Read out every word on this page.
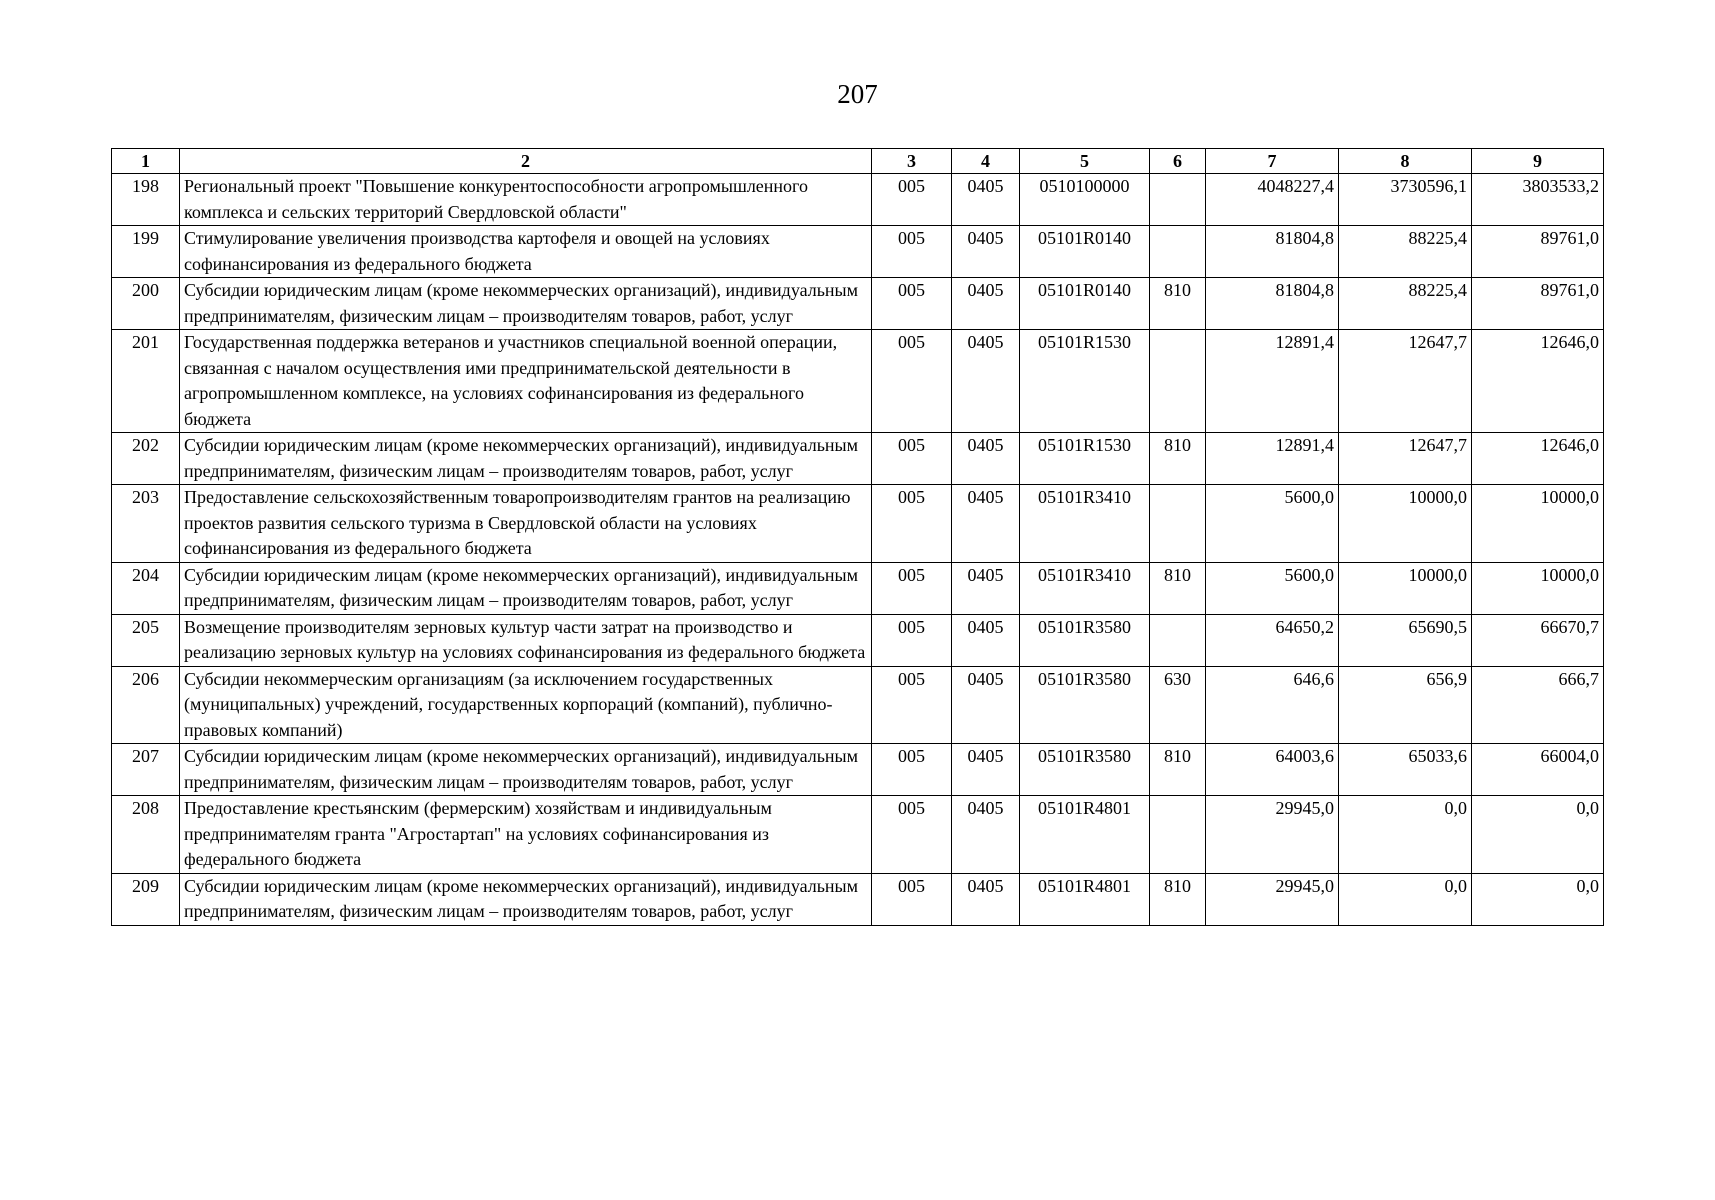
207
1	2	3	4	5	6	7	8	9
198	Региональный проект "Повышение конкурентоспособности агропромышленного комплекса и сельских территорий Свердловской области"	005	0405	0510100000		4048227,4	3730596,1	3803533,2
199	Стимулирование увеличения производства картофеля и овощей на условиях софинансирования из федерального бюджета	005	0405	05101R0140		81804,8	88225,4	89761,0
200	Субсидии юридическим лицам (кроме некоммерческих организаций), индивидуальным предпринимателям, физическим лицам – производителям товаров, работ, услуг	005	0405	05101R0140	810	81804,8	88225,4	89761,0
201	Государственная поддержка ветеранов и участников специальной военной операции, связанная с началом осуществления ими предпринимательской деятельности в агропромышленном комплексе, на условиях софинансирования из федерального бюджета	005	0405	05101R1530		12891,4	12647,7	12646,0
202	Субсидии юридическим лицам (кроме некоммерческих организаций), индивидуальным предпринимателям, физическим лицам – производителям товаров, работ, услуг	005	0405	05101R1530	810	12891,4	12647,7	12646,0
203	Предоставление сельскохозяйственным товаропроизводителям грантов на реализацию проектов развития сельского туризма в Свердловской области на условиях софинансирования из федерального бюджета	005	0405	05101R3410		5600,0	10000,0	10000,0
204	Субсидии юридическим лицам (кроме некоммерческих организаций), индивидуальным предпринимателям, физическим лицам – производителям товаров, работ, услуг	005	0405	05101R3410	810	5600,0	10000,0	10000,0
205	Возмещение производителям зерновых культур части затрат на производство и реализацию зерновых культур на условиях софинансирования из федерального бюджета	005	0405	05101R3580		64650,2	65690,5	66670,7
206	Субсидии некоммерческим организациям (за исключением государственных (муниципальных) учреждений, государственных корпораций (компаний), публично-правовых компаний)	005	0405	05101R3580	630	646,6	656,9	666,7
207	Субсидии юридическим лицам (кроме некоммерческих организаций), индивидуальным предпринимателям, физическим лицам – производителям товаров, работ, услуг	005	0405	05101R3580	810	64003,6	65033,6	66004,0
208	Предоставление крестьянским (фермерским) хозяйствам и индивидуальным предпринимателям гранта "Агростартап" на условиях софинансирования из федерального бюджета	005	0405	05101R4801		29945,0	0,0	0,0
209	Субсидии юридическим лицам (кроме некоммерческих организаций), индивидуальным предпринимателям, физическим лицам – производителям товаров, работ, услуг	005	0405	05101R4801	810	29945,0	0,0	0,0
